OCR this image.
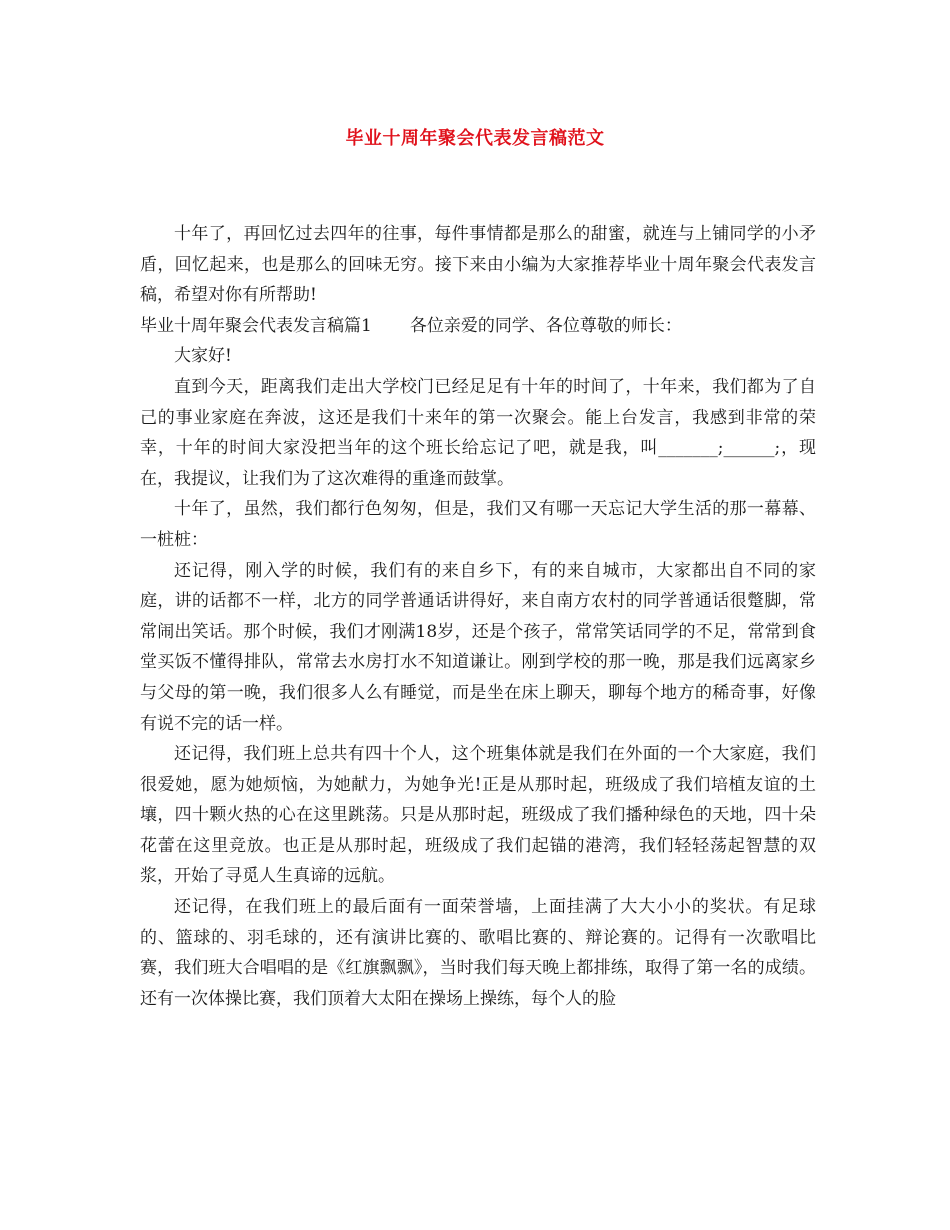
毕业十周年聚会代表发言稿范文

十年了，再回忆过去四年的往事，每件事情都是那么的甜蜜，就连与上铺同学的小矛盾，回忆起来，也是那么的回味无穷。接下来由小编为大家推荐毕业十周年聚会代表发言稿，希望对你有所帮助!

毕业十周年聚会代表发言稿篇1 各位亲爱的同学、各位尊敬的师长：

大家好!

直到今天，距离我们走出大学校门已经足足有十年的时间了，十年来，我们都为了自己的事业家庭在奔波，这还是我们十来年的第一次聚会。能上台发言，我感到非常的荣幸，十年的时间大家没把当年的这个班长给忘记了吧，就是我，叫_______;______;，现在，我提议，让我们为了这次难得的重逢而鼓掌。

十年了，虽然，我们都行色匆匆，但是，我们又有哪一天忘记大学生活的那一幕幕、一桩桩：

还记得，刚入学的时候，我们有的来自乡下，有的来自城市，大家都出自不同的家庭，讲的话都不一样，北方的同学普通话讲得好，来自南方农村的同学普通话很蹩脚，常常闹出笑话。那个时候，我们才刚满18岁，还是个孩子，常常笑话同学的不足，常常到食堂买饭不懂得排队，常常去水房打水不知道谦让。刚到学校的那一晚，那是我们远离家乡与父母的第一晚，我们很多人么有睡觉，而是坐在床上聊天，聊每个地方的稀奇事，好像有说不完的话一样。

还记得，我们班上总共有四十个人，这个班集体就是我们在外面的一个大家庭，我们很爱她，愿为她烦恼，为她献力，为她争光!正是从那时起，班级成了我们培植友谊的土壤，四十颗火热的心在这里跳荡。只是从那时起，班级成了我们播种绿色的天地，四十朵花蕾在这里竞放。也正是从那时起，班级成了我们起锚的港湾，我们轻轻荡起智慧的双浆，开始了寻觅人生真谛的远航。

还记得，在我们班上的最后面有一面荣誉墙，上面挂满了大大小小的奖状。有足球的、篮球的、羽毛球的，还有演讲比赛的、歌唱比赛的、辩论赛的。记得有一次歌唱比赛，我们班大合唱唱的是《红旗飘飘》，当时我们每天晚上都排练，取得了第一名的成绩。还有一次体操比赛，我们顶着大太阳在操场上操练，每个人的脸
